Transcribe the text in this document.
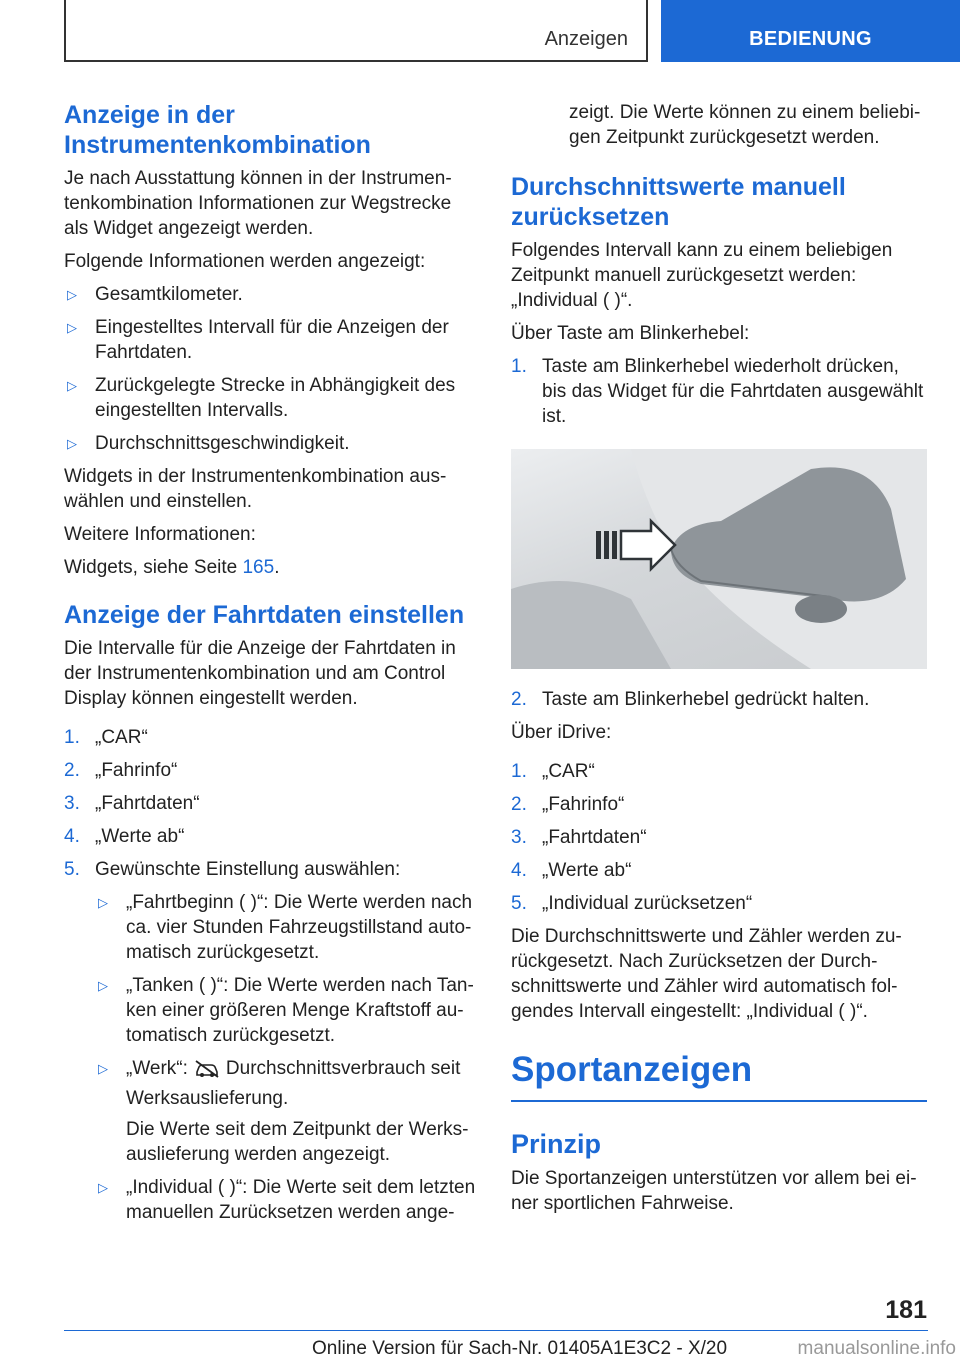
Anzeigen	BEDIENUNG
Anzeige in der Instrumentenkombination

Je nach Ausstattung können in der Instrumentenkombination Informationen zur Wegstrecke als Widget angezeigt werden.

Folgende Informationen werden angezeigt:

▷ Gesamtkilometer.
▷ Eingestelltes Intervall für die Anzeigen der Fahrtdaten.
▷ Zurückgelegte Strecke in Abhängigkeit des eingestellten Intervalls.
▷ Durchschnittsgeschwindigkeit.

Widgets in der Instrumentenkombination auswählen und einstellen.

Weitere Informationen:

Widgets, siehe Seite 165.

Anzeige der Fahrtdaten einstellen

Die Intervalle für die Anzeige der Fahrtdaten in der Instrumentenkombination und am Control Display können eingestellt werden.

1. „CAR“
2. „Fahrinfo“
3. „Fahrtdaten“
4. „Werte ab“
5. Gewünschte Einstellung auswählen:
▷ „Fahrtbeginn ( )“: Die Werte werden nach ca. vier Stunden Fahrzeugstillstand automatisch zurückgesetzt.
▷ „Tanken ( )“: Die Werte werden nach Tanken einer größeren Menge Kraftstoff automatisch zurückgesetzt.
▷ „Werk“: Durchschnittsverbrauch seit Werksauslieferung.

Die Werte seit dem Zeitpunkt der Werksauslieferung werden angezeigt.

▷ „Individual ( )“: Die Werte seit dem letzten manuellen Zurücksetzen werden ange-

zeigt. Die Werte können zu einem beliebigen Zeitpunkt zurückgesetzt werden.

Durchschnittswerte manuell zurücksetzen

Folgendes Intervall kann zu einem beliebigen Zeitpunkt manuell zurückgesetzt werden: „Individual ( )“.

Über Taste am Blinkerhebel:

1. Taste am Blinkerhebel wiederholt drücken, bis das Widget für die Fahrtdaten ausgewählt ist.
2. Taste am Blinkerhebel gedrückt halten.

Über iDrive:

1. „CAR“
2. „Fahrinfo“
3. „Fahrtdaten“
4. „Werte ab“
5. „Individual zurücksetzen“

Die Durchschnittswerte und Zähler werden zurückgesetzt. Nach Zurücksetzen der Durchschnittswerte und Zähler wird automatisch folgendes Intervall eingestellt: „Individual ( )“.

Sportanzeigen
Prinzip

Die Sportanzeigen unterstützen vor allem bei einer sportlichen Fahrweise.

181
Online Version für Sach-Nr. 01405A1E3C2 - X/20	manualsonline.info
